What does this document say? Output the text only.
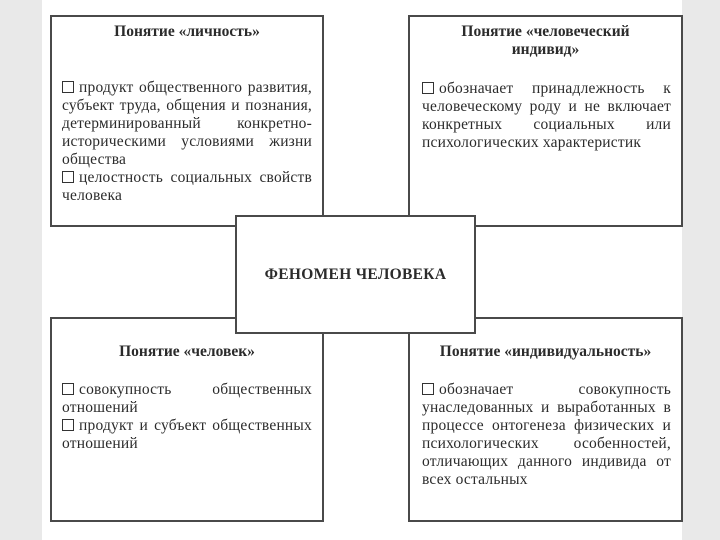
Понятие «личность»
продукт общественного развития, субъект труда, общения и познания, детерминированный конкретно-историческими условиями жизни общества
целостность социальных свойств человека
Понятие «человеческий индивид»
обозначает принадлежность к человеческому роду и не включает конкретных социальных или психологических характеристик
Понятие «человек»
совокупность общественных отношений
продукт и субъект общественных отношений
Понятие «индивидуальность»
обозначает совокупность унаследованных и выработанных в процессе онтогенеза физических и психологических особенностей, отличающих данного индивида от всех остальных
ФЕНОМЕН ЧЕЛОВЕКА
